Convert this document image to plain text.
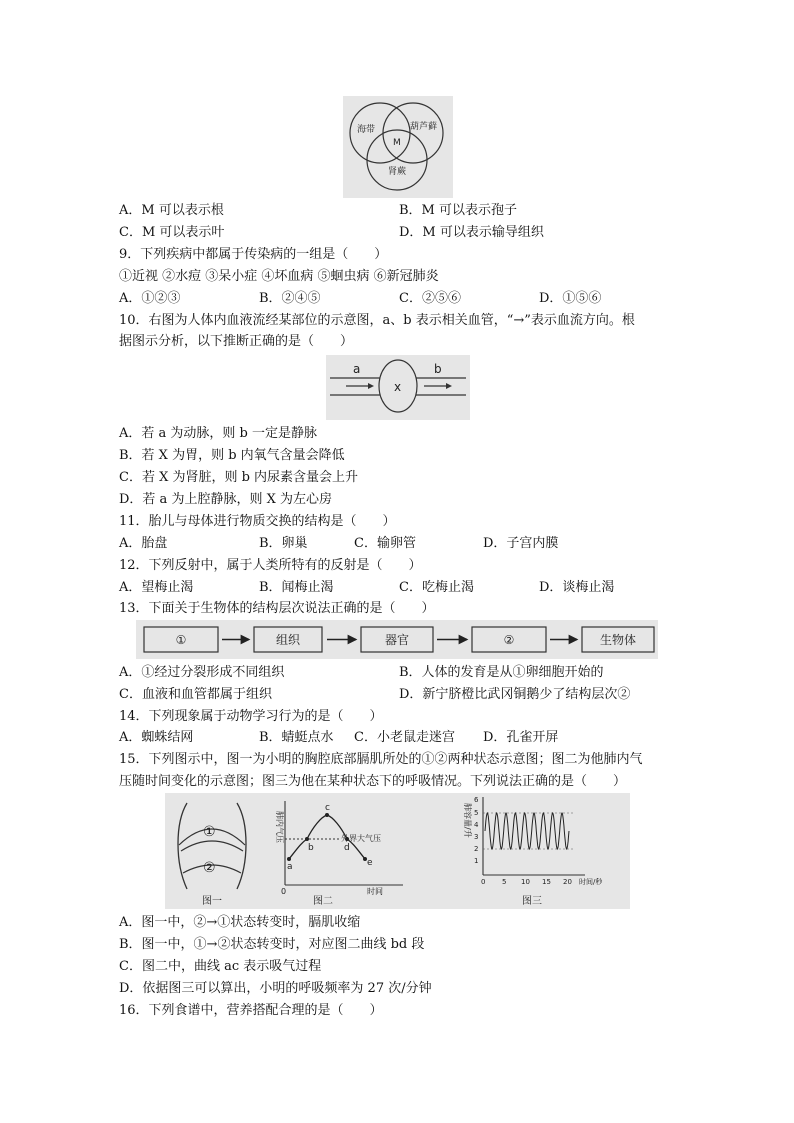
海带	葫芦藓
肾蕨
M
A．M 可以表示根	B．M 可以表示孢子
C．M 可以表示叶	D．M 可以表示输导组织
9．下列疾病中都属于传染病的一组是（　　）
①近视 ②水痘 ③呆小症 ④坏血病 ⑤蛔虫病 ⑥新冠肺炎
A．①②③	B．②④⑤	C．②⑤⑥	D．①⑤⑥
10．右图为人体内血液流经某部位的示意图，a、b 表示相关血管，“→”表示血流方向。根
据图示分析，以下推断正确的是（　　）
a	b
x
A．若 a 为动脉，则 b 一定是静脉
B．若 X 为胃，则 b 内氧气含量会降低
C．若 X 为肾脏，则 b 内尿素含量会上升
D．若 a 为上腔静脉，则 X 为左心房
11．胎儿与母体进行物质交换的结构是（　　）
A．胎盘	B．卵巢	C．输卵管	D．子宫内膜
12．下列反射中，属于人类所特有的反射是（　　）
A．望梅止渴	B．闻梅止渴	C．吃梅止渴	D．谈梅止渴
13．下面关于生物体的结构层次说法正确的是（　　）
①	组织	器官	②	生物体
A．①经过分裂形成不同组织	B．人体的发育是从①卵细胞开始的
C．血液和血管都属于组织	D．新宁脐橙比武冈铜鹅少了结构层次②
14．下列现象属于动物学习行为的是（　　）
A．蜘蛛结网	B．蜻蜓点水 C．小老鼠走迷宫 D．孔雀开屏
15．下列图示中，图一为小明的胸腔底部膈肌所处的①②两种状态示意图；图二为他肺内气
压随时间变化的示意图；图三为他在某种状态下的呼吸情况。下列说法正确的是（　　）
①
②
图一
a
b
c
d
e
外界大气压
肺内气压
0	时间
图二
6
5
4
3
2
1
0 5 10 15 20 时间/秒
肺容量/升
图三
A．图一中，②→①状态转变时，膈肌收缩
B．图一中，①→②状态转变时，对应图二曲线 bd 段
C．图二中，曲线 ac 表示吸气过程
D．依据图三可以算出，小明的呼吸频率为 27 次/分钟
16．下列食谱中，营养搭配合理的是（　　）
